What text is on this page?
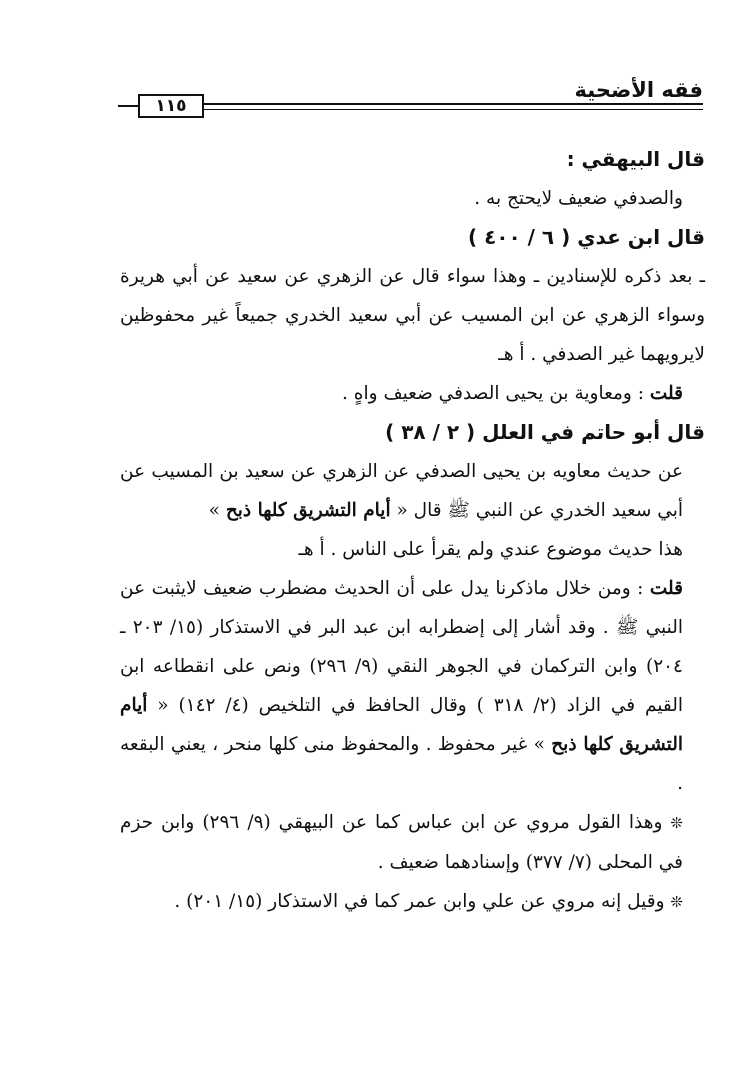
فقه الأضحية
١١٥

قال البيهقي :

والصدفي ضعيف لايحتج به .

قال ابن عدي ( ٦ / ٤٠٠ )

ـ بعد ذكره للإسنادين ـ وهذا سواء قال عن الزهري عن سعيد عن أبي هريرة وسواء الزهري عن ابن المسيب عن أبي سعيد الخدري جميعاً غير محفوظين لايرويهما غير الصدفي . أ هـ

قلت : ومعاوية بن يحيى الصدفي ضعيف واهٍ .

قال أبو حاتم في العلل ( ٢ / ٣٨ )

عن حديث معاويه بن يحيى الصدفي عن الزهري عن سعيد بن المسيب عن أبي سعيد الخدري عن النبي ﷺ قال « أيام التشريق كلها ذبح »

هذا حديث موضوع عندي ولم يقرأ على الناس . أ هـ

قلت : ومن خلال ماذكرنا يدل على أن الحديث مضطرب ضعيف لايثبت عن النبي ﷺ . وقد أشار إلى إضطرابه ابن عبد البر في الاستذكار (١٥/ ٢٠٣ ـ ٢٠٤) وابن التركمان في الجوهر النقي (٩/ ٢٩٦) ونص على انقطاعه ابن القيم في الزاد (٢/ ٣١٨ ) وقال الحافظ في التلخيص (٤/ ١٤٢) « أيام التشريق كلها ذبح » غير محفوظ . والمحفوظ منى كلها منحر ، يعني البقعه .

❊ وهذا القول مروي عن ابن عباس كما عن البيهقي (٩/ ٢٩٦) وابن حزم في المحلى (٧/ ٣٧٧) وإسنادهما ضعيف .

❊ وقيل إنه مروي عن علي وابن عمر كما في الاستذكار (١٥/ ٢٠١) .
